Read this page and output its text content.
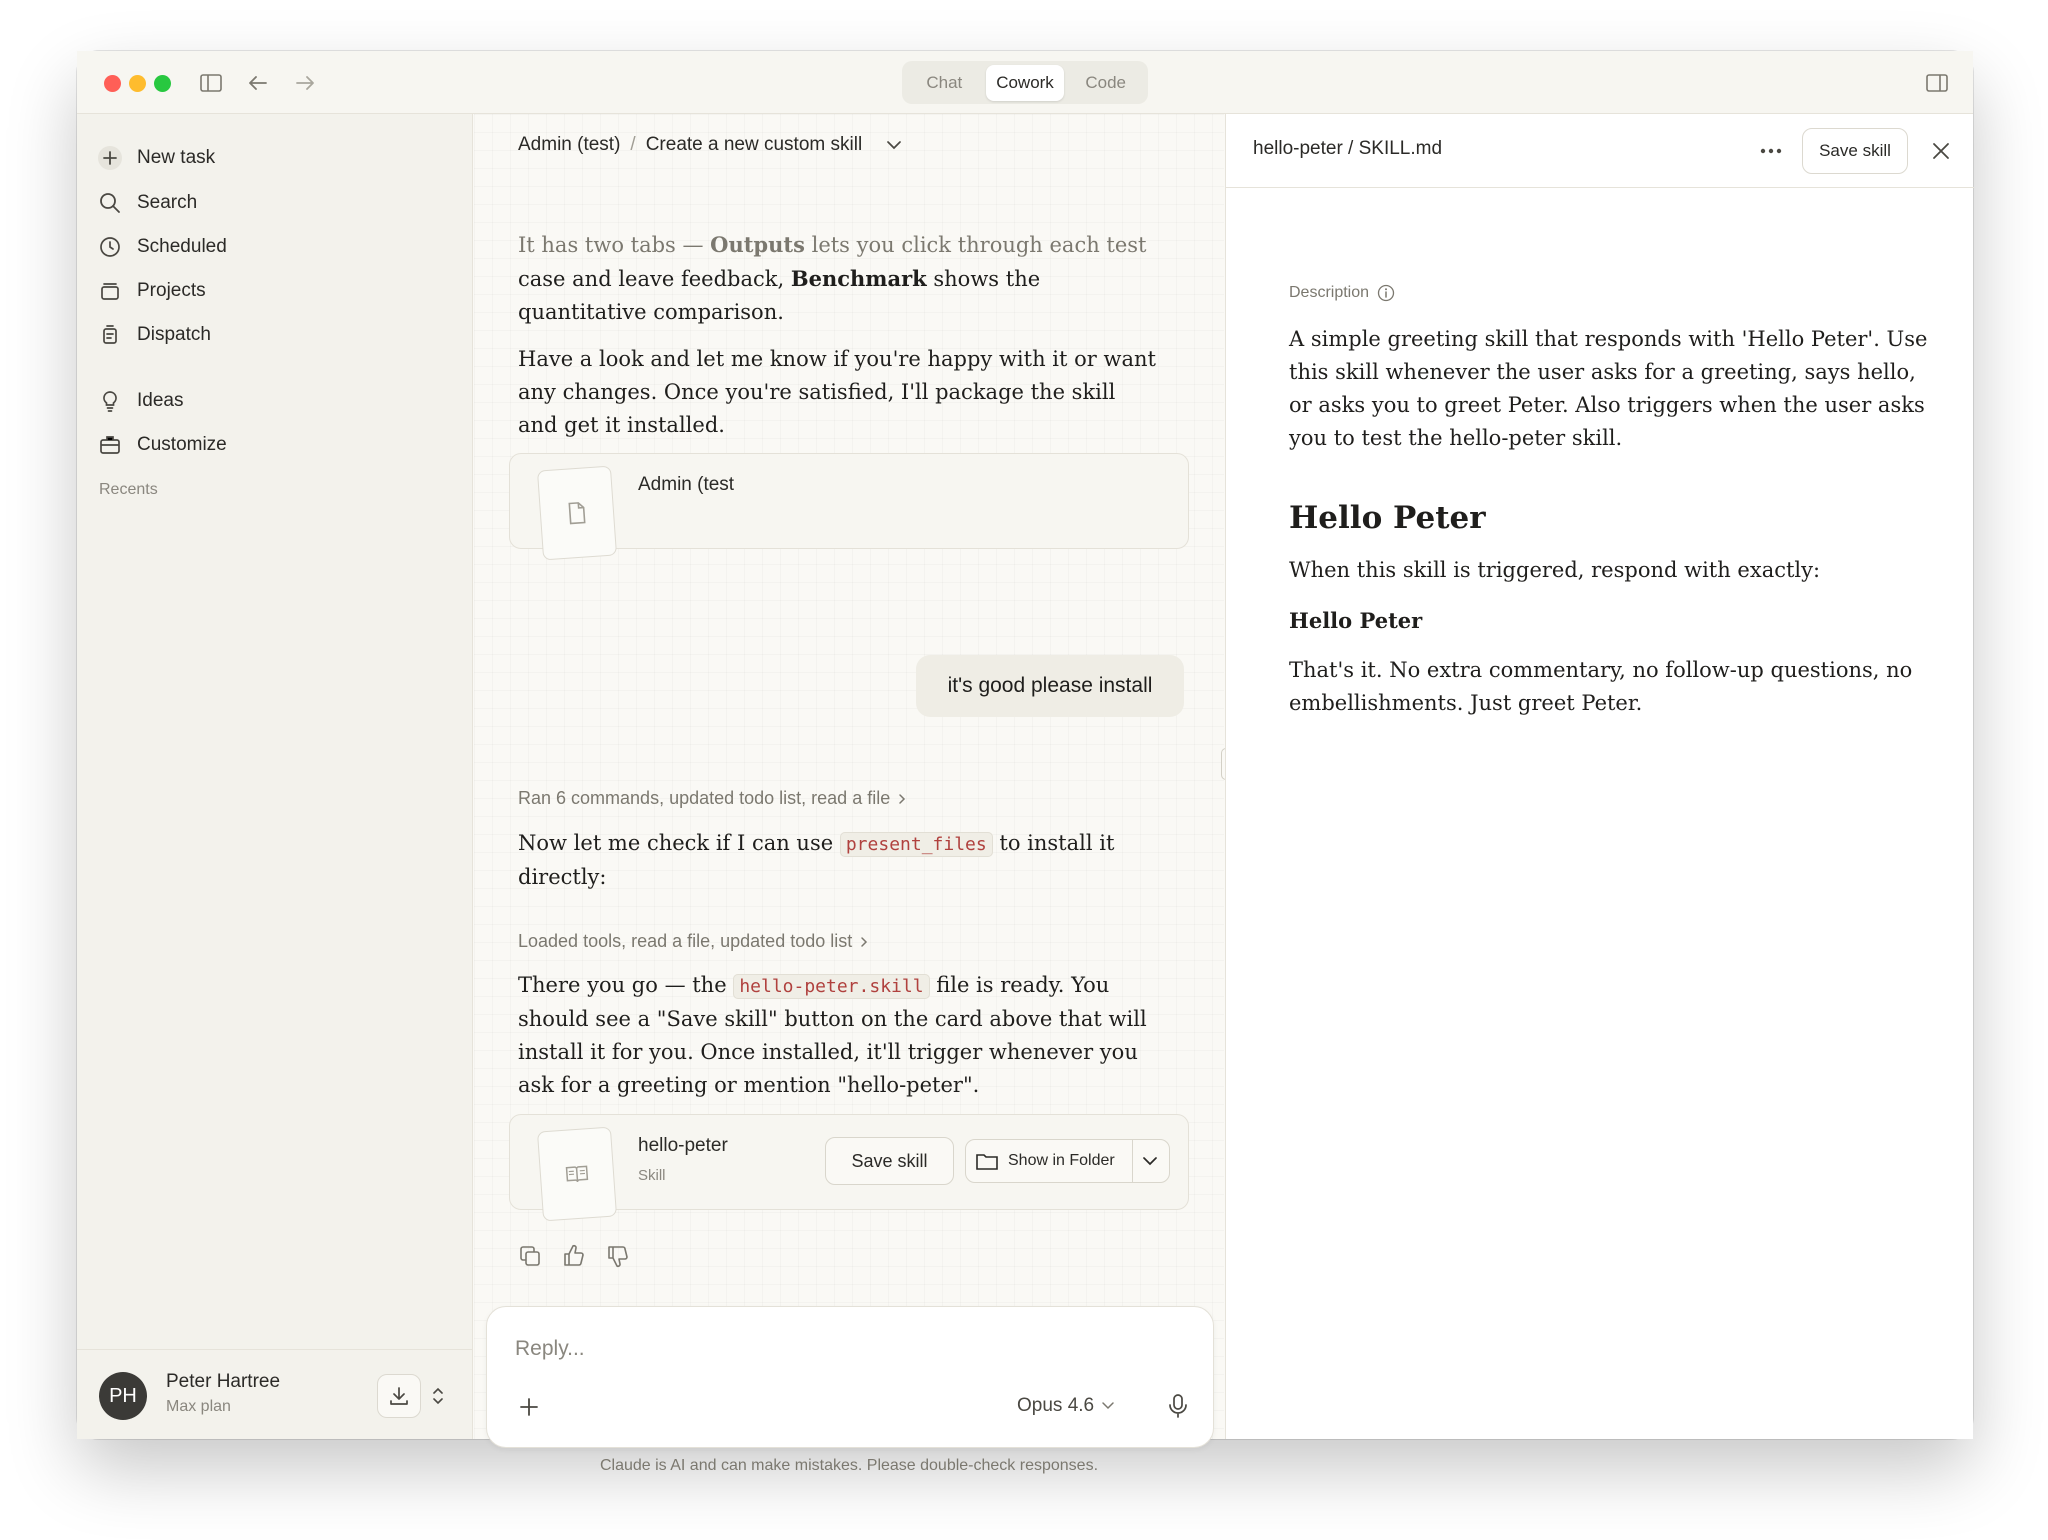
Chat	Cowork	Code
New task
Search
Scheduled
Projects
Dispatch
Ideas
Customize
Recents
PH
Peter Hartree
Max plan
Admin (test) / Create a new custom skill
It has two tabs — Outputs lets you click through each test
case and leave feedback, Benchmark shows the quantitative comparison.
Have a look and let me know if you're happy with it or want any changes. Once you're satisfied, I'll package the skill and get it installed.
Admin (test
it's good please install
Ran 6 commands, updated todo list, read a file
Now let me check if I can use present_files to install it directly:
Loaded tools, read a file, updated todo list
There you go — the hello-peter.skill file is ready. You should see a "Save skill" button on the card above that will install it for you. Once installed, it'll trigger whenever you ask for a greeting or mention "hello-peter".
hello-peter
Skill
Save skill	Show in Folder
Reply...
Opus 4.6
Claude is AI and can make mistakes. Please double-check responses.
hello-peter / SKILL.md	Save skill
Description
A simple greeting skill that responds with 'Hello Peter'. Use this skill whenever the user asks for a greeting, says hello, or asks you to greet Peter. Also triggers when the user asks you to test the hello-peter skill.
Hello Peter
When this skill is triggered, respond with exactly:
Hello Peter
That's it. No extra commentary, no follow-up questions, no embellishments. Just greet Peter.
